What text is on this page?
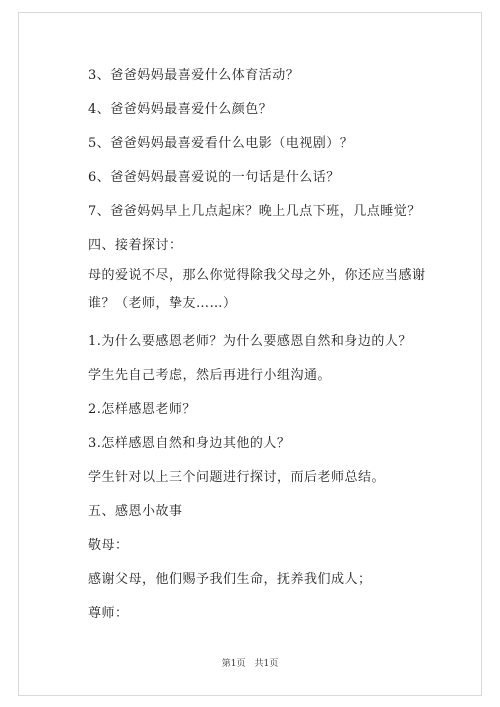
3、爸爸妈妈最喜爱什么体育活动？
4、爸爸妈妈最喜爱什么颜色？
5、爸爸妈妈最喜爱看什么电影（电视剧）？
6、爸爸妈妈最喜爱说的一句话是什么话？
7、爸爸妈妈早上几点起床？晚上几点下班，几点睡觉？
四、接着探讨：
母的爱说不尽，那么你觉得除我父母之外，你还应当感谢谁？（老师，挚友……）
1.为什么要感恩老师？为什么要感恩自然和身边的人？
学生先自己考虑，然后再进行小组沟通。
2.怎样感恩老师？
3.怎样感恩自然和身边其他的人？
学生针对以上三个问题进行探讨，而后老师总结。
五、感恩小故事
敬母：
感谢父母，他们赐予我们生命，抚养我们成人；
尊师：
第1页　共1页
